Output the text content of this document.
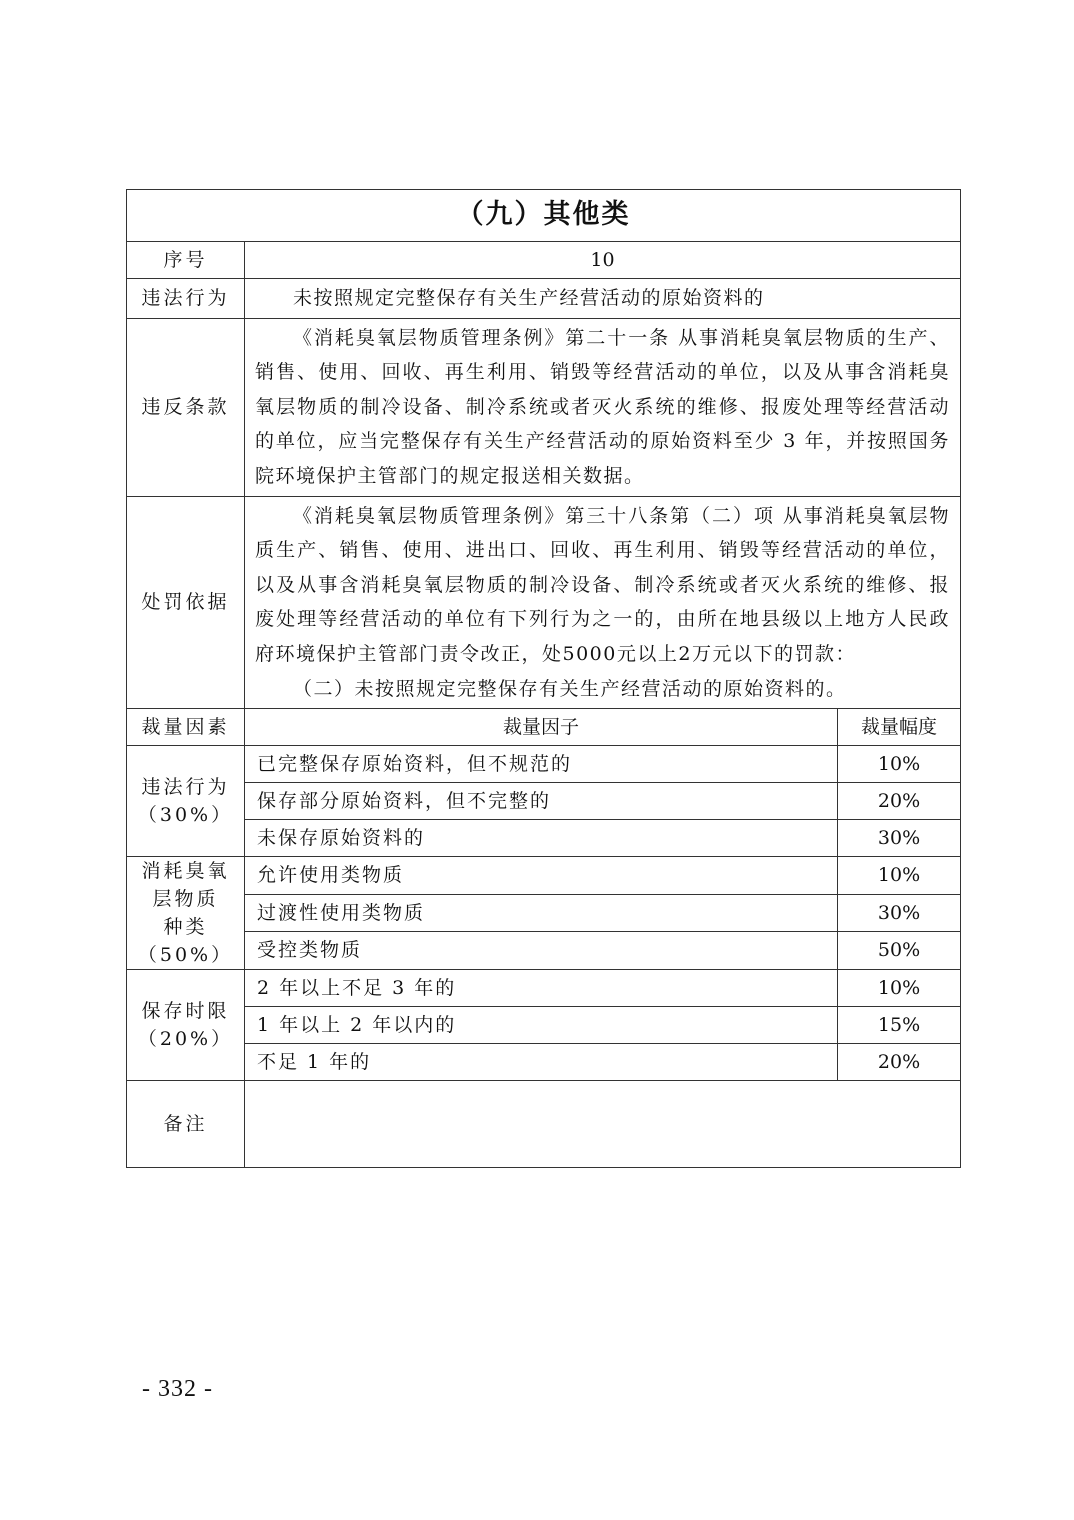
（九）其他类		
序号	10	
违法行为	未按照规定完整保存有关生产经营活动的原始资料的	

违反条款	《消耗臭氧层物质管理条例》第二十一条 从事消耗臭氧层物质的生产、销售、使用、回收、再生利用、销毁等经营活动的单位，以及从事含消耗臭氧层物质的制冷设备、制冷系统或者灭火系统的维修、报废处理等经营活动的单位，应当完整保存有关生产经营活动的原始资料至少 3 年，并按照国务院环境保护主管部门的规定报送相关数据。	

处罚依据	《消耗臭氧层物质管理条例》第三十八条第（二）项 从事消耗臭氧层物质生产、销售、使用、进出口、回收、再生利用、销毁等经营活动的单位，以及从事含消耗臭氧层物质的制冷设备、制冷系统或者灭火系统的维修、报废处理等经营活动的单位有下列行为之一的，由所在地县级以上地方人民政府环境保护主管部门责令改正，处5000元以上2万元以下的罚款：

（二）未按照规定完整保存有关生产经营活动的原始资料的。	

裁量因素	裁量因子	裁量幅度

违法行为
（30%）	已完整保存原始资料，但不规范的	10%
	保存部分原始资料，但不完整的	20%
	未保存原始资料的	30%

消耗臭氧
层物质
种类
（50%）	允许使用类物质	10%
	过渡性使用类物质	30%
	受控类物质	50%

保存时限
（20%）	2 年以上不足 3 年的	10%
	1 年以上 2 年以内的	15%
	不足 1 年的	20%
备注		
- 332 -
